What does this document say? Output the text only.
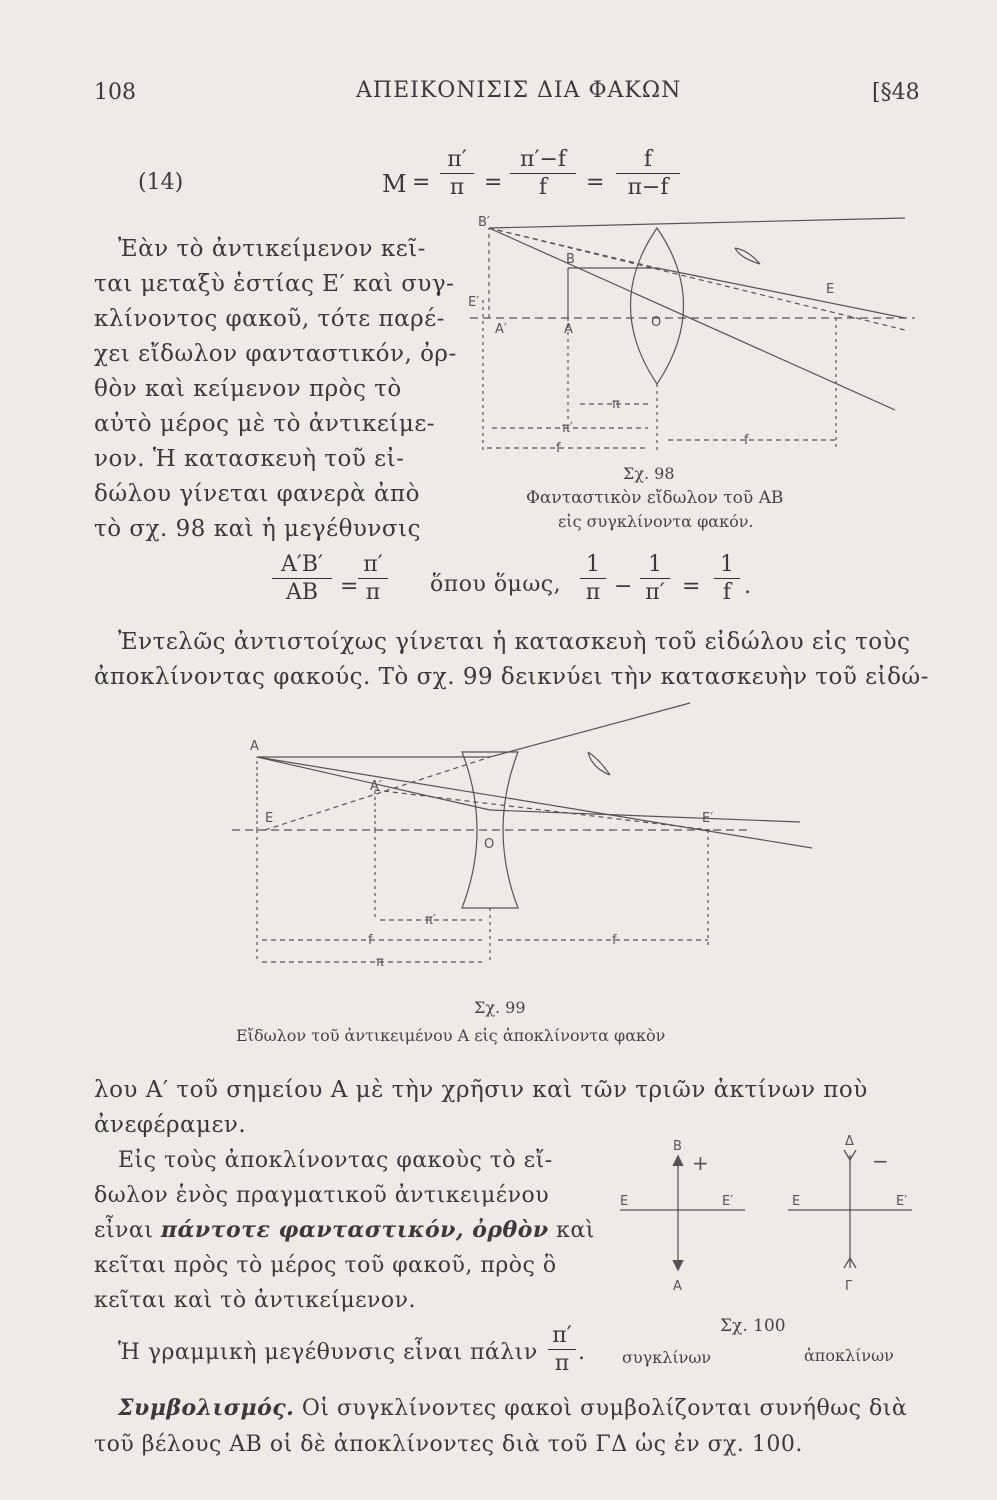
108	ΑΠΕΙΚΟΝΙΣΙΣ ΔΙΑ ΦΑΚΩΝ	[§48
(14)	$M = \frac{\pi'}{\pi} = \frac{\pi'-f}{f} = \frac{f}{\pi-f}$
Ἐὰν τὸ ἀντικείμενον κεῖ-
ται μεταξὺ ἑστίας E′ καὶ συγ-
κλίνοντος φακοῦ, τότε παρέ-
χει εἴδωλον φανταστικόν, ὀρ-
θὸν καὶ κείμενον πρὸς τὸ
αὐτὸ μέρος μὲ τὸ ἀντικείμε-
νον. Ἡ κατασκευὴ τοῦ εἰ-
δώλου γίνεται φανερὰ ἀπὸ
τὸ σχ. 98 καὶ ἡ μεγέθυνσις
B′
B
E′
A′	A	O
E
π
π′
f
f
Σχ. 98
Φανταστικὸν εἴδωλον τοῦ AB
εἰς συγκλίνοντα φακόν.
$\frac{A'B'}{AB} = \frac{\pi'}{\pi}$ ὅπου ὅμως, $\frac{1}{\pi} - \frac{1}{\pi'} = \frac{1}{f}$ .
Ἐντελῶς ἀντιστοίχως γίνεται ἡ κατασκευὴ τοῦ εἰδώλου εἰς τοὺς
ἀποκλίνοντας φακούς. Τὸ σχ. 99 δεικνύει τὴν κατασκευὴν τοῦ εἰδώ-
A
A′
E	E′
O
π′
f	f
π
Σχ. 99
Εἴδωλον τοῦ ἀντικειμένου A εἰς ἀποκλίνοντα φακὸν
λου A′ τοῦ σημείου A μὲ τὴν χρῆσιν καὶ τῶν τριῶν ἀκτίνων ποὺ
ἀνεφέραμεν.
Εἰς τοὺς ἀποκλίνοντας φακοὺς τὸ εἴ-
δωλον ἑνὸς πραγματικοῦ ἀντικειμένου
εἶναι πάντοτε φανταστικόν, ὀρθὸν καὶ
κεῖται πρὸς τὸ μέρος τοῦ φακοῦ, πρὸς ὃ
κεῖται καὶ τὸ ἀντικείμενον.
B
+
E	E′
A
Δ
−
E	E′
Γ
Σχ. 100
συγκλίνων	ἀποκλίνων
Ἡ γραμμικὴ μεγέθυνσις εἶναι πάλιν $\frac{\pi'}{\pi}$ .
Συμβολισμός. Οἱ συγκλίνοντες φακοὶ συμβολίζονται συνήθως διὰ
τοῦ βέλους AB οἱ δὲ ἀποκλίνοντες διὰ τοῦ ΓΔ ὡς ἐν σχ. 100.
